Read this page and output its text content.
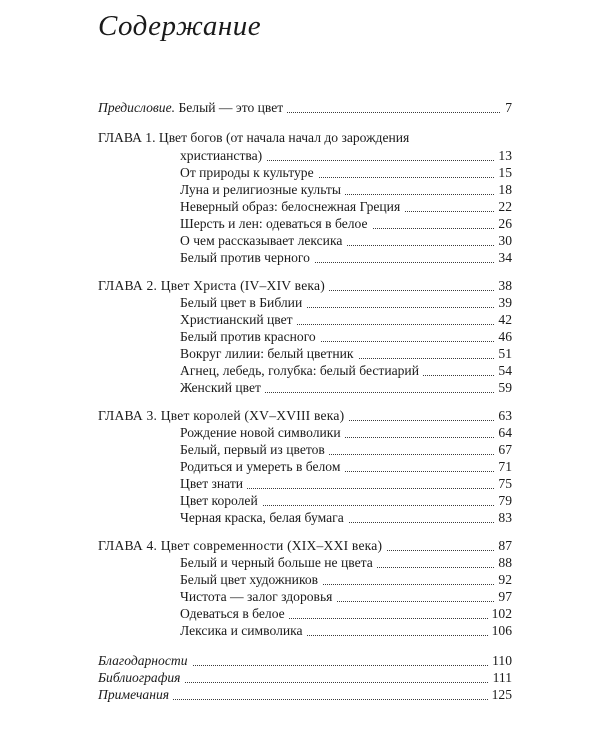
Содержание
Предисловие. Белый — это цвет	7
ГЛАВА 1. Цвет богов (от начала начал до зарождения
христианства)	13
От природы к культуре	15
Луна и религиозные культы	18
Неверный образ: белоснежная Греция	22
Шерсть и лен: одеваться в белое	26
О чем рассказывает лексика	30
Белый против черного	34
ГЛАВА 2. Цвет Христа (IV–XIV века)	38
Белый цвет в Библии	39
Христианский цвет	42
Белый против красного	46
Вокруг лилии: белый цветник	51
Агнец, лебедь, голубка: белый бестиарий	54
Женский цвет	59
ГЛАВА 3. Цвет королей (XV–XVIII века)	63
Рождение новой символики	64
Белый, первый из цветов	67
Родиться и умереть в белом	71
Цвет знати	75
Цвет королей	79
Черная краска, белая бумага	83
ГЛАВА 4. Цвет современности (XIX–XXI века)	87
Белый и черный больше не цвета	88
Белый цвет художников	92
Чистота — залог здоровья	97
Одеваться в белое	102
Лексика и символика	106
Благодарности	110
Библиография	111
Примечания	125
